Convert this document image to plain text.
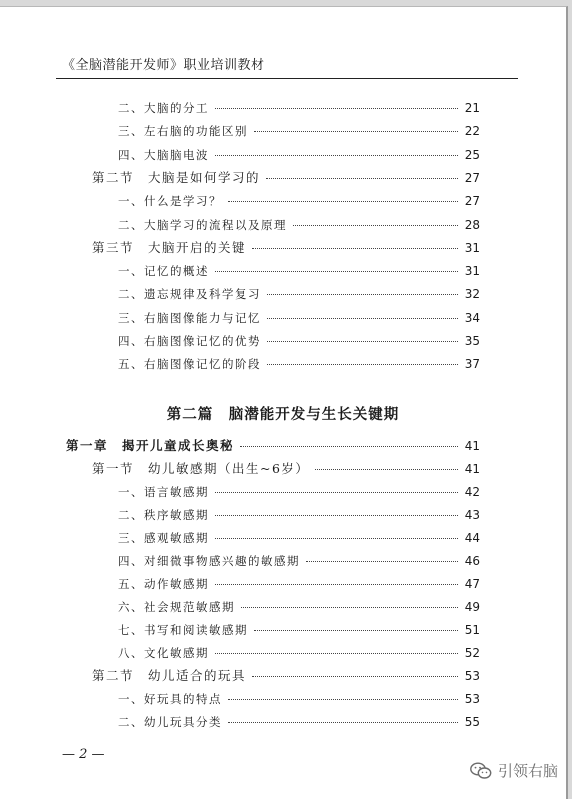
《全脑潜能开发师》职业培训教材
二、大脑的分工	21
三、左右脑的功能区别	22
四、大脑脑电波	25
第二节　大脑是如何学习的	27
一、什么是学习？	27
二、大脑学习的流程以及原理	28
第三节　大脑开启的关键	31
一、记忆的概述	31
二、遗忘规律及科学复习	32
三、右脑图像能力与记忆	34
四、右脑图像记忆的优势	35
五、右脑图像记忆的阶段	37
第一章　揭开儿童成长奥秘	41
第一节　幼儿敏感期（出生~6岁）	41
一、语言敏感期	42
二、秩序敏感期	43
三、感观敏感期	44
四、对细微事物感兴趣的敏感期	46
五、动作敏感期	47
六、社会规范敏感期	49
七、书写和阅读敏感期	51
八、文化敏感期	52
第二节　幼儿适合的玩具	53
一、好玩具的特点	53
二、幼儿玩具分类	55
第二篇　脑潜能开发与生长关键期
— 2 —
引领右脑
